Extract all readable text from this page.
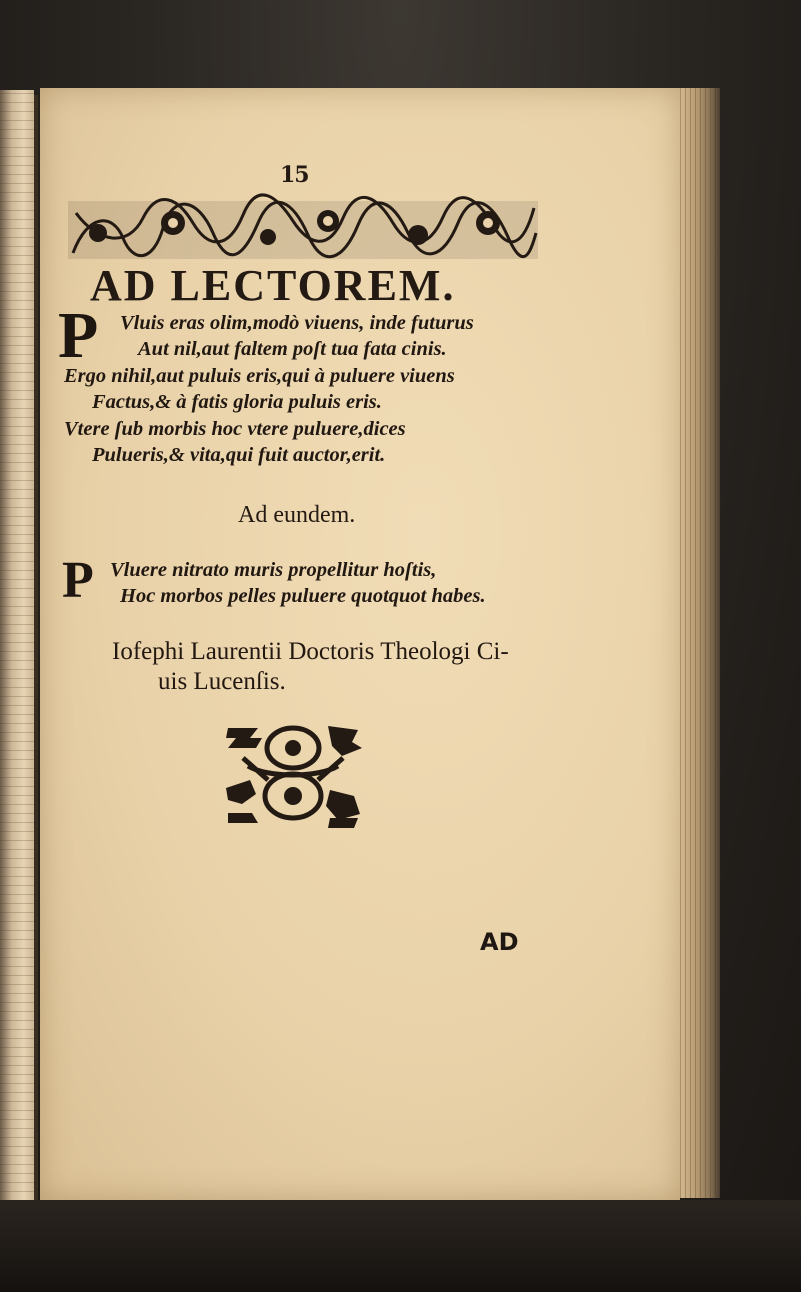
15
AD LECTOREM.
P Vluis eras olim,modò viuens, inde futurus
Aut nil,aut faltem poſt tua fata cinis.
Ergo nihil,aut puluis eris,qui à puluere viuens
Factus,& à fatis gloria puluis eris.
Vtere ſub morbis hoc vtere puluere,dices
Pulueris,& vita,qui fuit auctor,erit.
Ad eundem.
P Vluere nitrato muris propellitur hoſtis,
Hoc morbos pelles puluere quotquot habes.
Iofephi Laurentii Doctoris Theologi Ci-
uis Lucenſis.
AD
